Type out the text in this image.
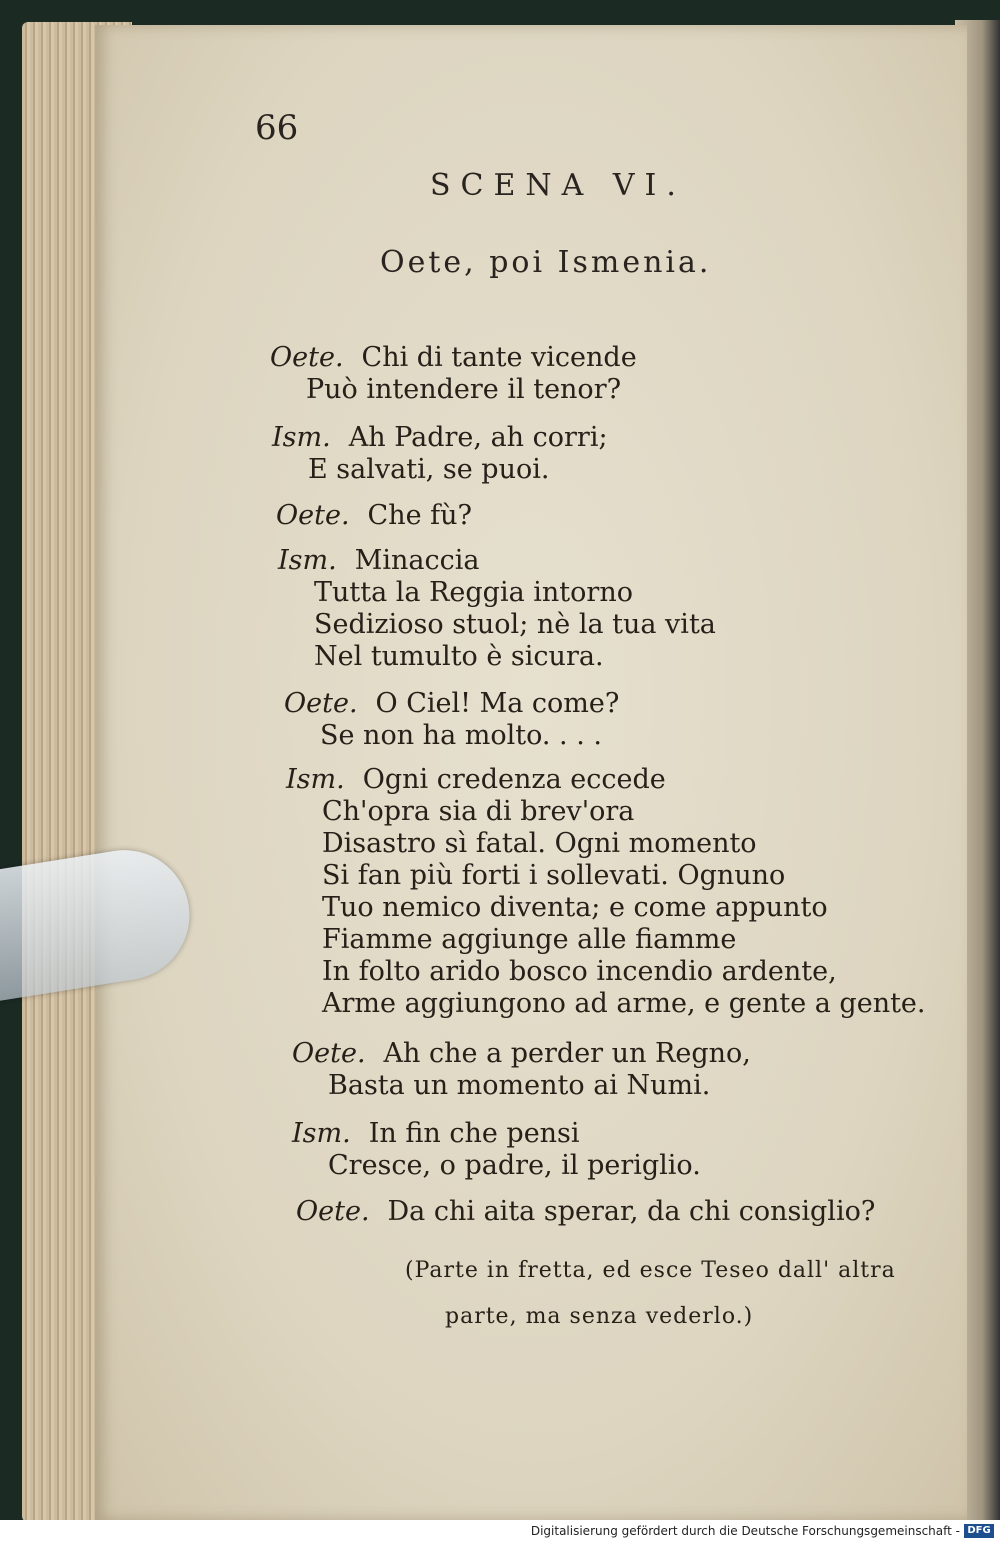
66
SCENA VI.
Oete, poi Ismenia.
Oete. Chi di tante vicende
Può intendere il tenor?
Ism. Ah Padre, ah corri;
E salvati, se puoi.
Oete. Che fù?
Ism. Minaccia
Tutta la Reggia intorno
Sedizioso stuol; nè la tua vita
Nel tumulto è sicura.
Oete. O Ciel! Ma come?
Se non ha molto. . . .
Ism. Ogni credenza eccede
Ch'opra sia di brev'ora
Disastro sì fatal. Ogni momento
Si fan più forti i sollevati. Ognuno
Tuo nemico diventa; e come appunto
Fiamme aggiunge alle fiamme
In folto arido bosco incendio ardente,
Arme aggiungono ad arme, e gente a gente.
Oete. Ah che a perder un Regno,
Basta un momento ai Numi.
Ism. In fin che pensi
Cresce, o padre, il periglio.
Oete. Da chi aita sperar, da chi consiglio?
(Parte in fretta, ed esce Teseo dall' altra
parte, ma senza vederlo.)
Digitalisierung gefördert durch die Deutsche Forschungsgemeinschaft - DFG
